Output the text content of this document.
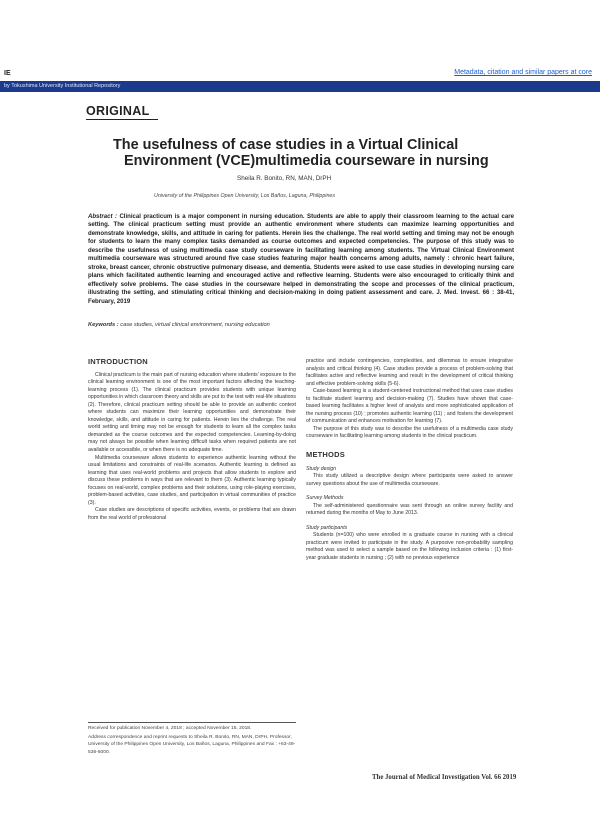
IE	Metadata, citation and similar papers at core
by Tokushima University Institutional Repository
ORIGINAL
The usefulness of case studies in a Virtual Clinical
Environment (VCE)multimedia courseware in nursing
Sheila R. Bonito, RN, MAN, DrPH
University of the Philippines Open University, Los Baños, Laguna, Philippines
Abstract : Clinical practicum is a major component in nursing education. Students are able to apply their classroom learning to the actual care setting. The clinical practicum setting must provide an authentic environment where students can maximize learning opportunities and demonstrate knowledge, skills, and attitude in caring for patients. Herein lies the challenge. The real world setting and timing may not be enough for students to learn the many complex tasks demanded as course outcomes and expected competencies. The purpose of this study was to describe the usefulness of using multimedia case study courseware in facilitating learning among students. The Virtual Clinical Environment multimedia courseware was structured around five case studies featuring major health concerns among adults, namely : chronic heart failure, stroke, breast cancer, chronic obstructive pulmonary disease, and dementia. Students were asked to use case studies in developing nursing care plans which facilitated authentic learning and encouraged active and reflective learning. Students were also encouraged to critically think and effectively solve problems. The case studies in the courseware helped in demonstrating the scope and processes of the clinical practicum, illustrating the setting, and stimulating critical thinking and decision-making in doing patient assessment and care. J. Med. Invest. 66 : 38-41, February, 2019
Keywords : case studies, virtual clinical environment, nursing education
INTRODUCTION

Clinical practicum is the main part of nursing education where students' exposure to the clinical learning environment is one of the most important factors affecting the teaching-learning process (1). The clinical practicum provides students with unique learning opportunities in which classroom theory and skills are put to the test with real-life situations (2). Therefore, clinical practicum setting should be able to provide an authentic context where students can maximize their learning opportunities and demonstrate their knowledge, skills, and attitude in caring for patients. Herein lies the challenge. The real world setting and timing may not be enough for students to learn all the complex tasks demanded as the course outcomes and the expected competencies. Learning-by-doing may not always be possible when learning difficult tasks when required patients are not available or accessible, or when there is no adequate time.

Multimedia courseware allows students to experience authentic learning without the usual limitations and constraints of real-life scenarios. Authentic learning is defined as learning that uses real-world problems and projects that allow students to explore and discuss these problems in ways that are relevant to them (3). Authentic learning typically focuses on real-world, complex problems and their solutions, using role-playing exercises, problem-based activities, case studies, and participation in virtual communities of practice (3).

Case studies are descriptions of specific activities, events, or problems that are drawn from the real world of professional

practice and include contingencies, complexities, and dilemmas to ensure integrative analysis and critical thinking (4). Case studies provide a process of problem-solving that facilitates active and reflective learning and result in the development of critical thinking and effective problem-solving skills (5-6).

Case-based learning is a student-centered instructional method that uses case studies to facilitate student learning and decision-making (7). Studies have shown that case-based learning facilitates a higher level of analysis and more sophisticated application of the nursing process (10) ; promotes authentic learning (11) ; and fosters the development of communication and enhances motivation for learning (7).

The purpose of this study was to describe the usefulness of a multimedia case study courseware in facilitating learning among students in the clinical practicum.

METHODS

Study design

This study utilized a descriptive design where participants were asked to answer survey questions about the use of multimedia courseware.

Survey Methods

The self-administered questionnaire was sent through an online survey facility and returned during the months of May to June 2013.

Study participants

Students (n=100) who were enrolled in a graduate course in nursing with a clinical practicum were invited to participate in the study. A purposive non-probability sampling method was used to select a sample based on the following inclusion criteria : (1) first-year graduate students in nursing ; (2) with no previous experience

Received for publication November 4, 2018 ; accepted November 15, 2018.

Address correspondence and reprint requests to Sheila R. Bonito, RN, MAN, DrPH, Professor, University of the Philippines Open University, Los Baños, Laguna, Philippines and Fax : +63-49-536-6000.

The Journal of Medical Investigation Vol. 66 2019
